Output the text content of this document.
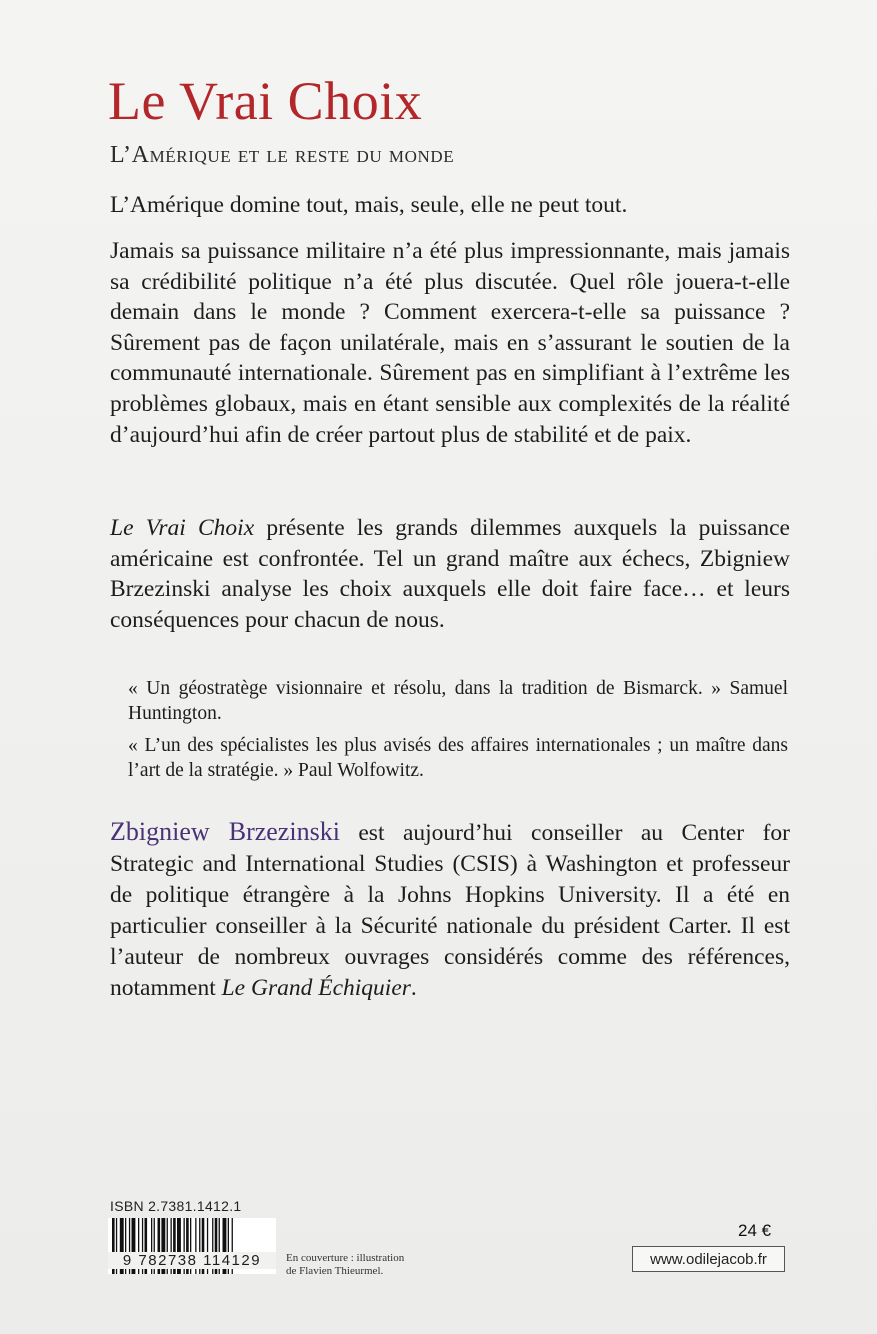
Le Vrai Choix
L’Amérique et le reste du monde

L’Amérique domine tout, mais, seule, elle ne peut tout.

Jamais sa puissance militaire n’a été plus impressionnante, mais jamais sa crédibilité politique n’a été plus discutée. Quel rôle jouera-t-elle demain dans le monde ? Comment exercera-t-elle sa puissance ? Sûrement pas de façon unilatérale, mais en s’assurant le soutien de la communauté internationale. Sûrement pas en simplifiant à l’extrême les problèmes globaux, mais en étant sensible aux complexités de la réalité d’aujourd’hui afin de créer partout plus de stabilité et de paix.

Le Vrai Choix présente les grands dilemmes auxquels la puissance américaine est confrontée. Tel un grand maître aux échecs, Zbigniew Brzezinski analyse les choix auxquels elle doit faire face… et leurs conséquences pour chacun de nous.

« Un géostratège visionnaire et résolu, dans la tradition de Bismarck. » Samuel Huntington.

« L’un des spécialistes les plus avisés des affaires internationales ; un maître dans l’art de la stratégie. » Paul Wolfowitz.

Zbigniew Brzezinski est aujourd’hui conseiller au Center for Strategic and International Studies (CSIS) à Washington et professeur de politique étrangère à la Johns Hopkins University. Il a été en particulier conseiller à la Sécurité nationale du président Carter. Il est l’auteur de nombreux ouvrages considérés comme des références, notamment Le Grand Échiquier.

ISBN 2.7381.1412.1
9 782738 114129	En couverture : illustration
de Flavien Thieurmel.
24 €
www.odilejacob.fr
